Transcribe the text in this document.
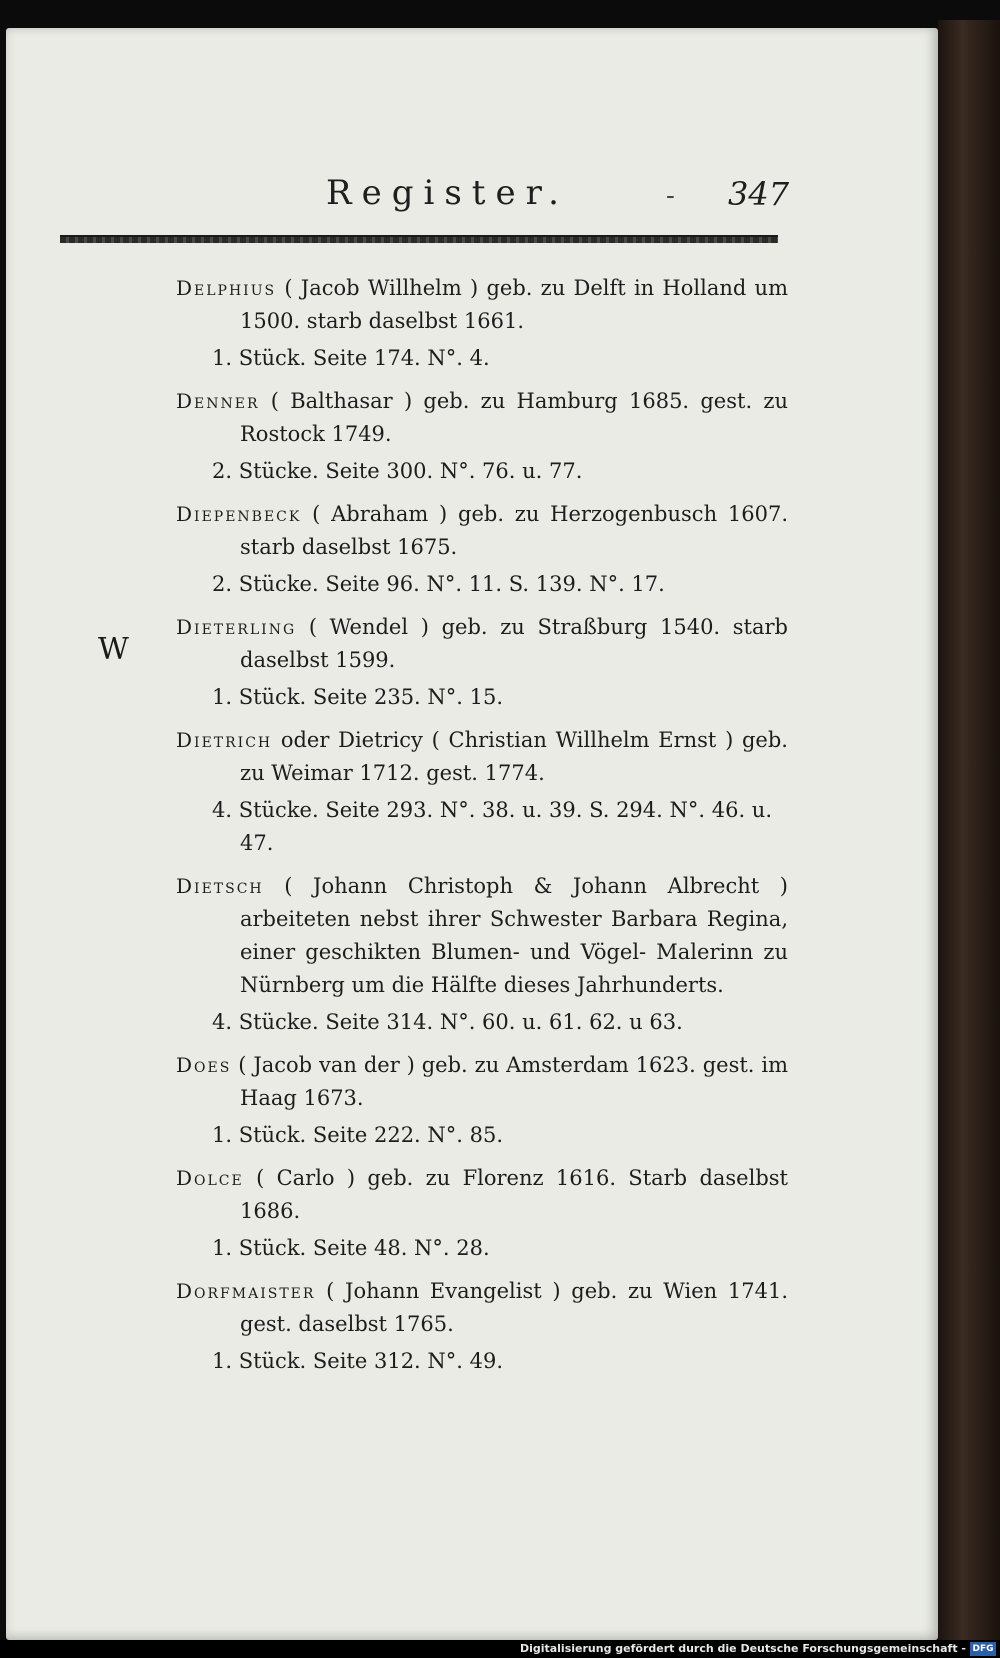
Register.	- 347
W
Delphius ( Jacob Willhelm ) geb. zu Delft in Holland um 1500. starb daselbst 1661.
1. Stück. Seite 174. N°. 4.
Denner ( Balthasar ) geb. zu Hamburg 1685. gest. zu Rostock 1749.
2. Stücke. Seite 300. N°. 76. u. 77.
Diepenbeck ( Abraham ) geb. zu Herzogenbusch 1607. starb daselbst 1675.
2. Stücke. Seite 96. N°. 11. S. 139. N°. 17.
Dieterling ( Wendel ) geb. zu Straßburg 1540. starb daselbst 1599.
1. Stück. Seite 235. N°. 15.
Dietrich oder Dietricy ( Christian Willhelm Ernst ) geb. zu Weimar 1712. gest. 1774.
4. Stücke. Seite 293. N°. 38. u. 39. S. 294. N°. 46. u. 47.
Dietsch ( Johann Christoph & Johann Albrecht ) arbeiteten nebst ihrer Schwester Barbara Regina, einer geschikten Blumen- und Vögel- Malerinn zu Nürnberg um die Hälfte dieses Jahrhunderts.
4. Stücke. Seite 314. N°. 60. u. 61. 62. u 63.
Does ( Jacob van der ) geb. zu Amsterdam 1623. gest. im Haag 1673.
1. Stück. Seite 222. N°. 85.
Dolce ( Carlo ) geb. zu Florenz 1616. Starb daselbst 1686.
1. Stück. Seite 48. N°. 28.
Dorfmaister ( Johann Evangelist ) geb. zu Wien 1741. gest. daselbst 1765.
1. Stück. Seite 312. N°. 49.
Digitalisierung gefördert durch die Deutsche Forschungsgemeinschaft - DFG
